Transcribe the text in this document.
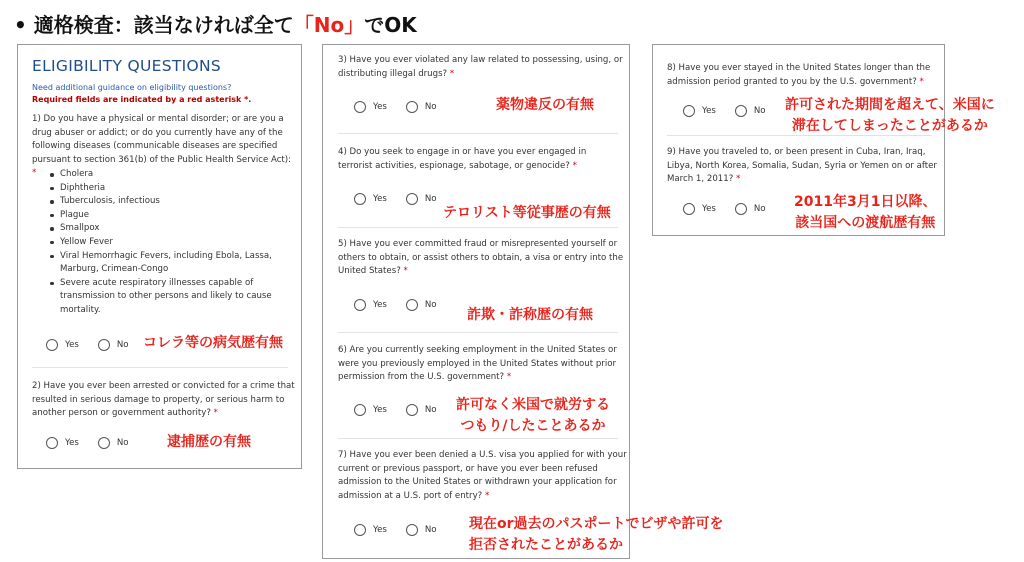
• 適格検査：該当なければ全て「No」でOK
ELIGIBILITY QUESTIONS
Need additional guidance on eligibility questions?
Required fields are indicated by a red asterisk *.
1) Do you have a physical or mental disorder; or are you a drug abuser or addict; or do you currently have any of the following diseases (communicable diseases are specified pursuant to section 361(b) of the Public Health Service Act): *	Cholera
Diphtheria
Tuberculosis, infectious
Plague
Smallpox
Yellow Fever
Viral Hemorrhagic Fevers, including Ebola, Lassa, Marburg, Crimean-Congo
Severe acute respiratory illnesses capable of transmission to other persons and likely to cause mortality.
Yes	No
2) Have you ever been arrested or convicted for a crime that resulted in serious damage to property, or serious harm to another person or government authority? *
Yes	No
3) Have you ever violated any law related to possessing, using, or distributing illegal drugs? *
Yes	No
4) Do you seek to engage in or have you ever engaged in terrorist activities, espionage, sabotage, or genocide? *
Yes	No
5) Have you ever committed fraud or misrepresented yourself or others to obtain, or assist others to obtain, a visa or entry into the United States? *
Yes	No
6) Are you currently seeking employment in the United States or were you previously employed in the United States without prior permission from the U.S. government? *
Yes	No
7) Have you ever been denied a U.S. visa you applied for with your current or previous passport, or have you ever been refused admission to the United States or withdrawn your application for admission at a U.S. port of entry? *
Yes	No
8) Have you ever stayed in the United States longer than the admission period granted to you by the U.S. government? *
Yes	No
9) Have you traveled to, or been present in Cuba, Iran, Iraq, Libya, North Korea, Somalia, Sudan, Syria or Yemen on or after March 1, 2011? *
Yes	No
コレラ等の病気歴有無
逮捕歴の有無
薬物違反の有無
テロリスト等従事歴の有無
詐欺・詐称歴の有無
許可なく米国で就労する
つもり/したことあるか
現在or過去のパスポートでビザや許可を
拒否されたことがあるか
許可された期間を超えて、米国に
滞在してしまったことがあるか
2011年3月1日以降、
該当国への渡航歴有無
